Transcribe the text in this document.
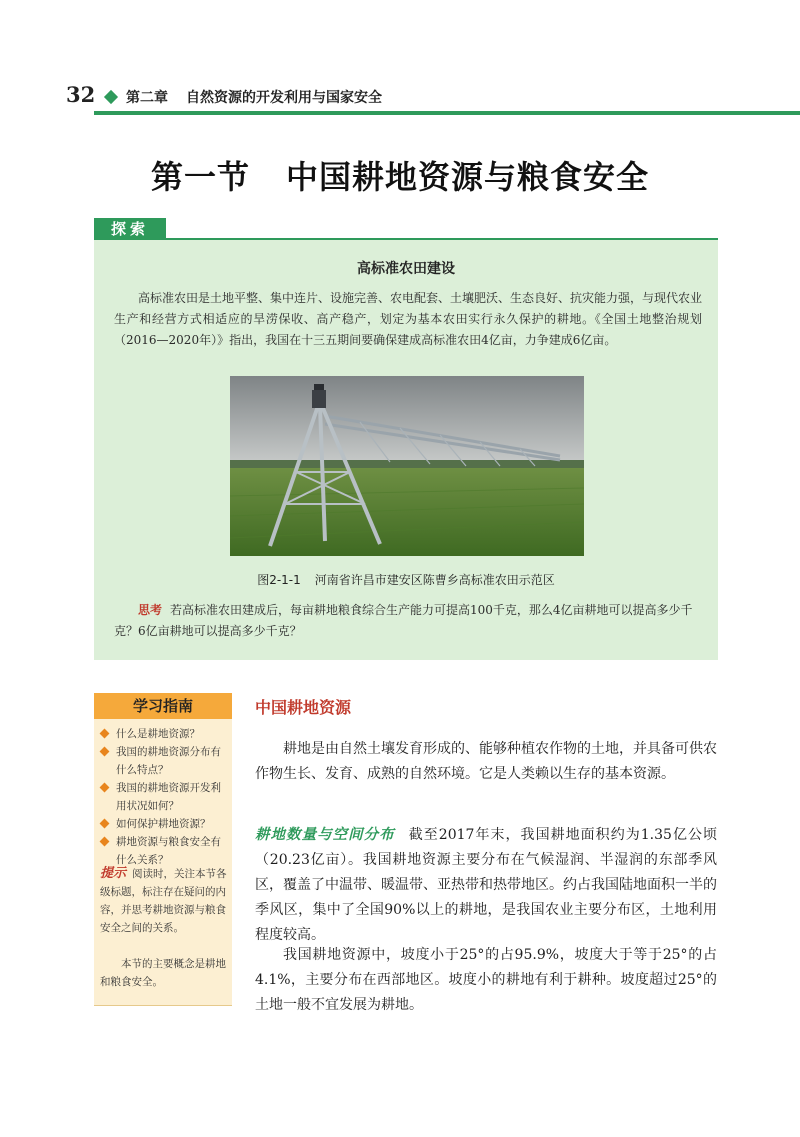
32 第二章 自然资源的开发利用与国家安全
第一节 中国耕地资源与粮食安全
探索
高标准农田建设

高标准农田是土地平整、集中连片、设施完善、农电配套、土壤肥沃、生态良好、抗灾能力强，与现代农业生产和经营方式相适应的旱涝保收、高产稳产，划定为基本农田实行永久保护的耕地。《全国土地整治规划（2016—2020年）》指出，我国在十三五期间要确保建成高标准农田4亿亩，力争建成6亿亩。

图2-1-1 河南省许昌市建安区陈曹乡高标准农田示范区

思考 若高标准农田建成后，每亩耕地粮食综合生产能力可提高100千克，那么4亿亩耕地可以提高多少千克？6亿亩耕地可以提高多少千克？

学习指南
什么是耕地资源？
我国的耕地资源分布有什么特点？
我国的耕地资源开发利用状况如何？
如何保护耕地资源？
耕地资源与粮食安全有什么关系？

提示 阅读时，关注本节各级标题，标注存在疑问的内容，并思考耕地资源与粮食安全之间的关系。

本节的主要概念是耕地和粮食安全。

中国耕地资源

耕地是由自然土壤发育形成的、能够种植农作物的土地，并具备可供农作物生长、发育、成熟的自然环境。它是人类赖以生存的基本资源。

耕地数量与空间分布 截至2017年末，我国耕地面积约为1.35亿公顷（20.23亿亩）。我国耕地资源主要分布在气候湿润、半湿润的东部季风区，覆盖了中温带、暖温带、亚热带和热带地区。约占我国陆地面积一半的季风区，集中了全国90%以上的耕地，是我国农业主要分布区，土地利用程度较高。

我国耕地资源中，坡度小于25°的占95.9%，坡度大于等于25°的占4.1%，主要分布在西部地区。坡度小的耕地有利于耕种。坡度超过25°的土地一般不宜发展为耕地。
